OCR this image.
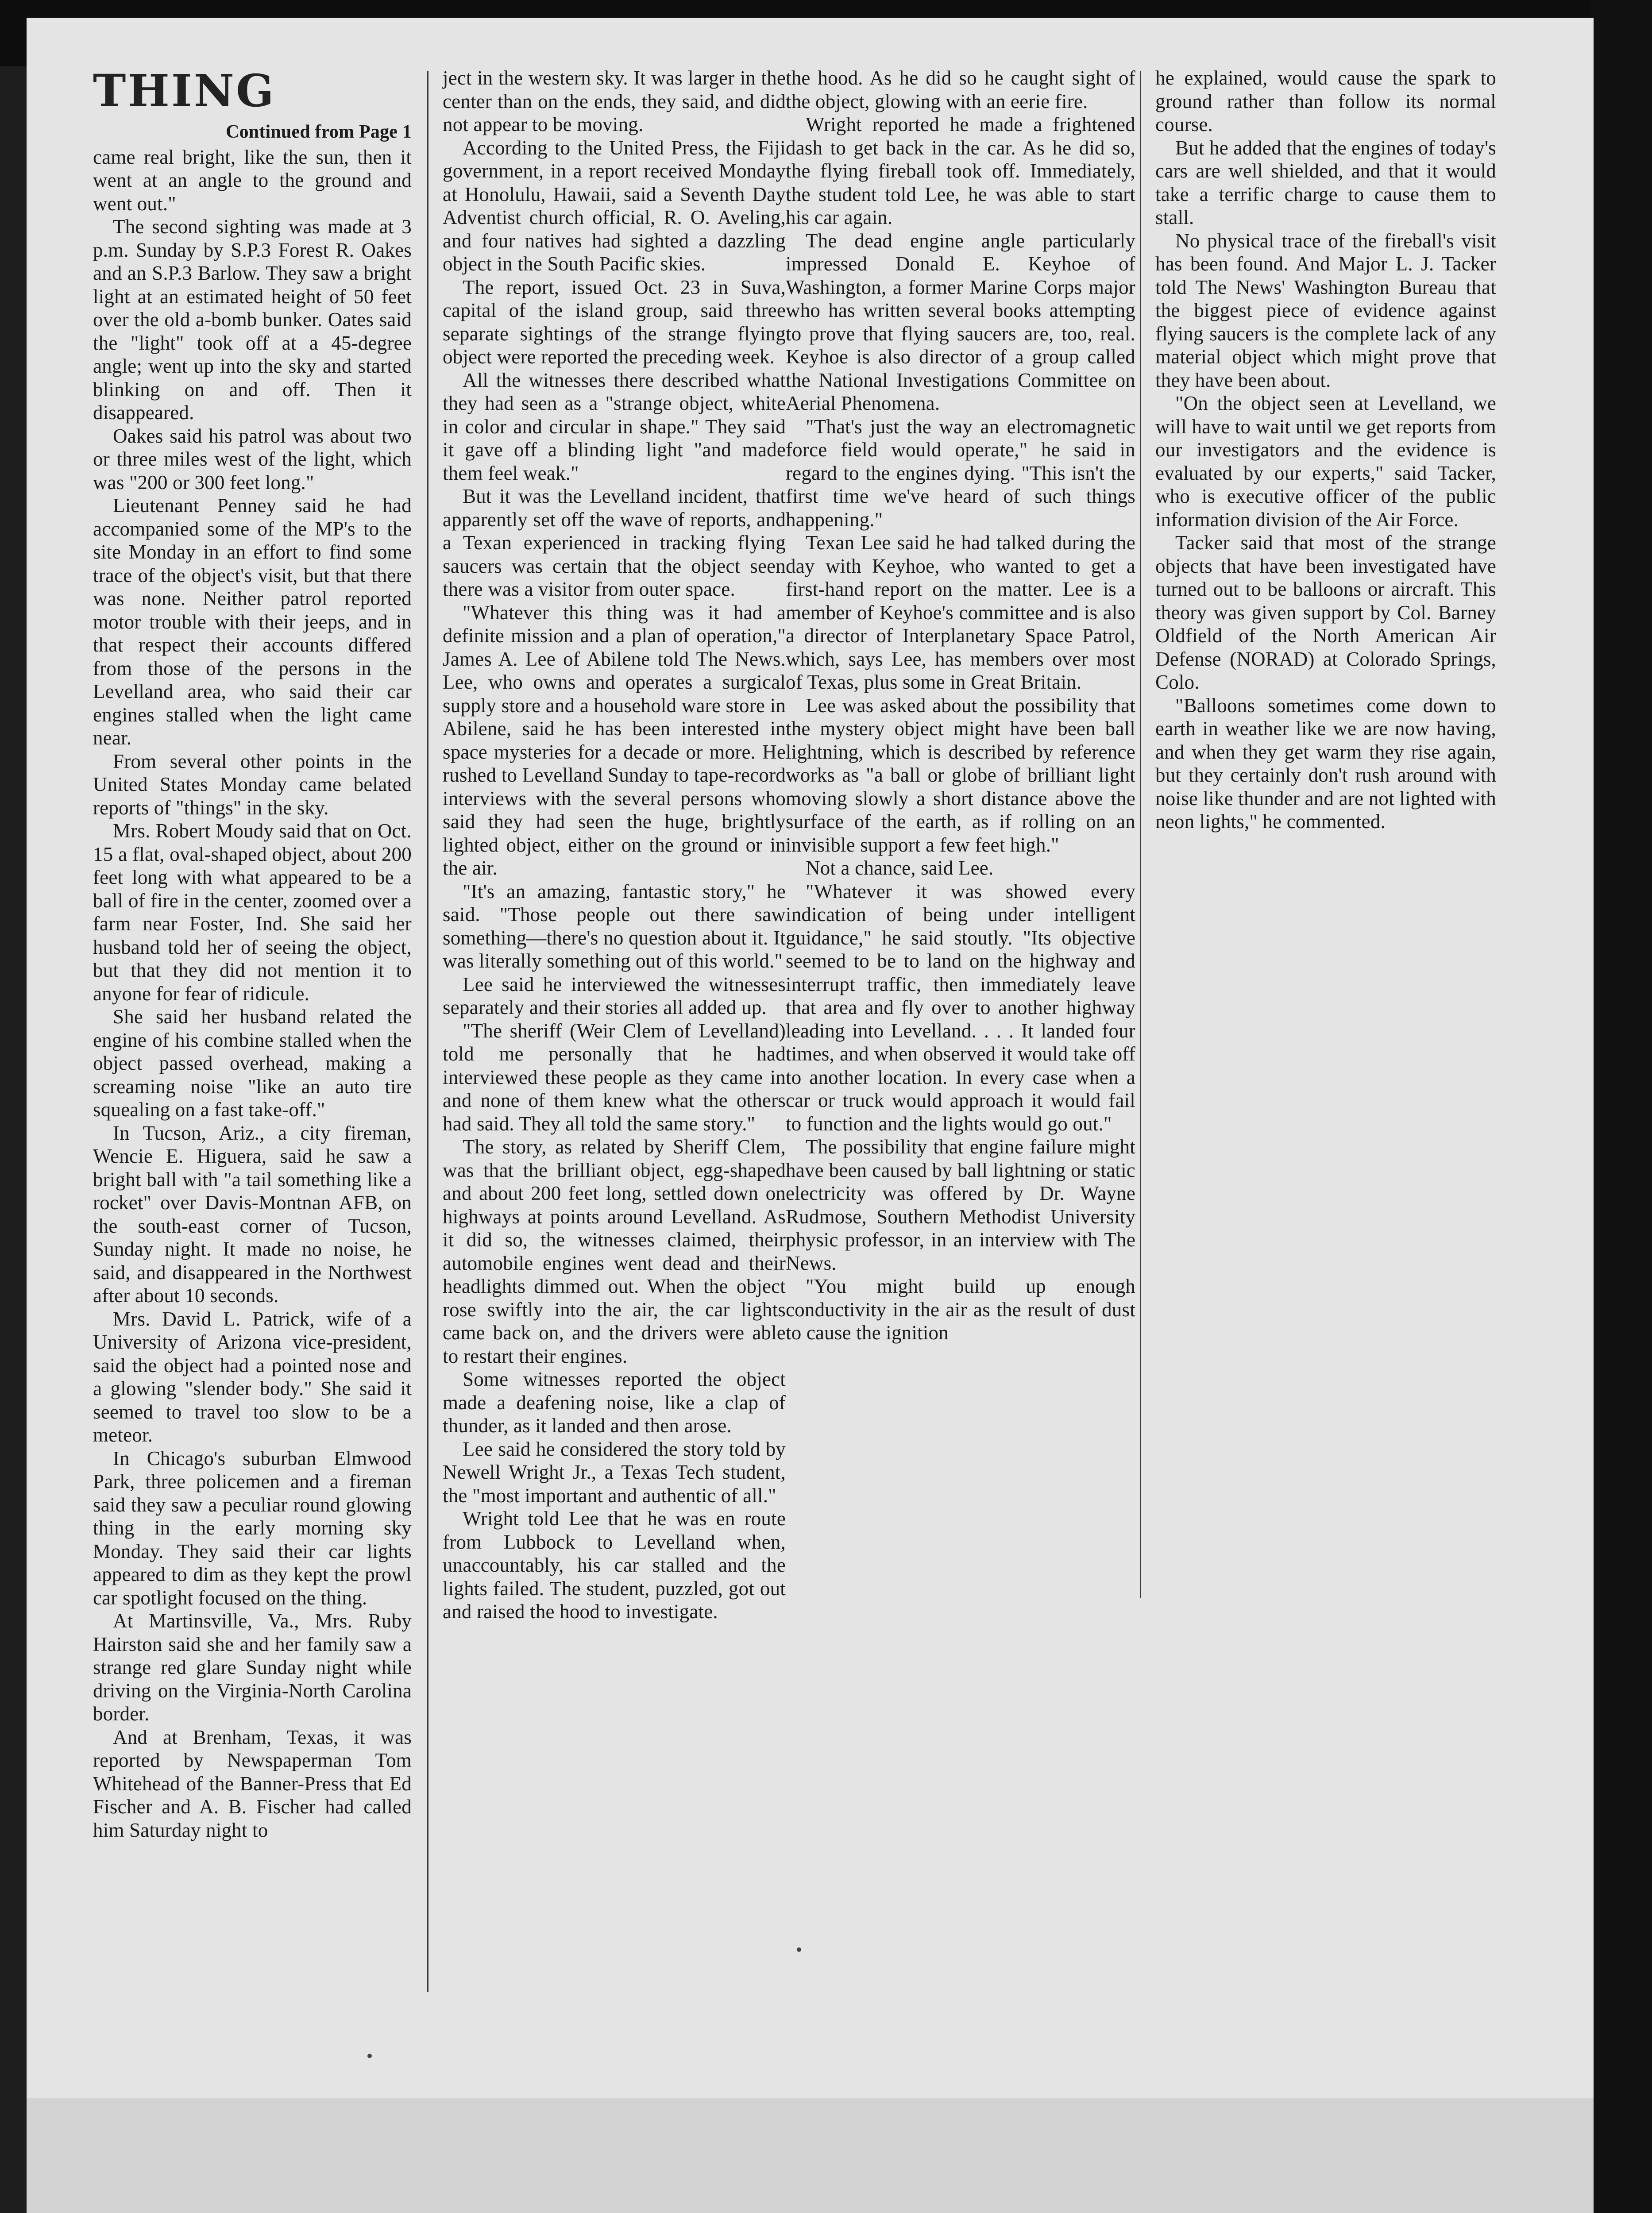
THING
Continued from Page 1

came real bright, like the sun, then it went at an angle to the ground and went out."

The second sighting was made at 3 p.m. Sunday by S.P.3 Forest R. Oakes and an S.P.3 Barlow. They saw a bright light at an estimated height of 50 feet over the old a-bomb bunker. Oates said the "light" took off at a 45-degree angle; went up into the sky and started blinking on and off. Then it disappeared.

Oakes said his patrol was about two or three miles west of the light, which was "200 or 300 feet long."

Lieutenant Penney said he had accompanied some of the MP's to the site Monday in an effort to find some trace of the object's visit, but that there was none. Neither patrol reported motor trouble with their jeeps, and in that respect their accounts differed from those of the persons in the Levelland area, who said their car engines stalled when the light came near.

From several other points in the United States Monday came belated reports of "things" in the sky.

Mrs. Robert Moudy said that on Oct. 15 a flat, oval-shaped object, about 200 feet long with what appeared to be a ball of fire in the center, zoomed over a farm near Foster, Ind. She said her husband told her of seeing the object, but that they did not mention it to anyone for fear of ridicule.

She said her husband related the engine of his combine stalled when the object passed overhead, making a screaming noise "like an auto tire squealing on a fast take-off."

In Tucson, Ariz., a city fireman, Wencie E. Higuera, said he saw a bright ball with "a tail something like a rocket" over Davis-Montnan AFB, on the south-east corner of Tucson, Sunday night. It made no noise, he said, and disappeared in the Northwest after about 10 seconds.

Mrs. David L. Patrick, wife of a University of Arizona vice-president, said the object had a pointed nose and a glowing "slender body." She said it seemed to travel too slow to be a meteor.

In Chicago's suburban Elmwood Park, three policemen and a fireman said they saw a peculiar round glowing thing in the early morning sky Monday. They said their car lights appeared to dim as they kept the prowl car spotlight focused on the thing.

At Martinsville, Va., Mrs. Ruby Hairston said she and her family saw a strange red glare Sunday night while driving on the Virginia-North Carolina border.

And at Brenham, Texas, it was reported by Newspaperman Tom Whitehead of the Banner-Press that Ed Fischer and A. B. Fischer had called him Saturday night to

ject in the western sky. It was larger in the center than on the ends, they said, and did not appear to be moving.

According to the United Press, the Fiji government, in a report received Monday at Honolulu, Hawaii, said a Seventh Day Adventist church official, R. O. Aveling, and four natives had sighted a dazzling object in the South Pacific skies.

The report, issued Oct. 23 in Suva, capital of the island group, said three separate sightings of the strange flying object were reported the preceding week.

All the witnesses there described what they had seen as a "strange object, white in color and circular in shape." They said it gave off a blinding light "and made them feel weak."

But it was the Levelland incident, that apparently set off the wave of reports, and a Texan experienced in tracking flying saucers was certain that the object seen there was a visitor from outer space.

"Whatever this thing was it had a definite mission and a plan of operation," James A. Lee of Abilene told The News. Lee, who owns and operates a surgical supply store and a household ware store in Abilene, said he has been interested in space mysteries for a decade or more. He rushed to Levelland Sunday to tape-record interviews with the several persons who said they had seen the huge, brightly lighted object, either on the ground or in the air.

"It's an amazing, fantastic story," he said. "Those people out there saw something—there's no question about it. It was literally something out of this world."

Lee said he interviewed the witnesses separately and their stories all added up.

"The sheriff (Weir Clem of Levelland) told me personally that he had interviewed these people as they came in and none of them knew what the others had said. They all told the same story."

The story, as related by Sheriff Clem, was that the brilliant object, egg-shaped and about 200 feet long, settled down on highways at points around Levelland. As it did so, the witnesses claimed, their automobile engines went dead and their headlights dimmed out. When the object rose swiftly into the air, the car lights came back on, and the drivers were able to restart their engines.

Some witnesses reported the object made a deafening noise, like a clap of thunder, as it landed and then arose.

Lee said he considered the story told by Newell Wright Jr., a Texas Tech student, the "most important and authentic of all."

Wright told Lee that he was en route from Lubbock to Levelland when, unaccountably, his car stalled and the lights failed. The student, puzzled, got out and raised the hood to investigate.

the hood. As he did so he caught sight of the object, glowing with an eerie fire.

Wright reported he made a frightened dash to get back in the car. As he did so, the flying fireball took off. Immediately, the student told Lee, he was able to start his car again.

The dead engine angle particularly impressed Donald E. Keyhoe of Washington, a former Marine Corps major who has written several books attempting to prove that flying saucers are, too, real. Keyhoe is also director of a group called the National Investigations Committee on Aerial Phenomena.

"That's just the way an electromagnetic force field would operate," he said in regard to the engines dying. "This isn't the first time we've heard of such things happening."

Texan Lee said he had talked during the day with Keyhoe, who wanted to get a first-hand report on the matter. Lee is a member of Keyhoe's committee and is also a director of Interplanetary Space Patrol, which, says Lee, has members over most of Texas, plus some in Great Britain.

Lee was asked about the possibility that the mystery object might have been ball lightning, which is described by reference works as "a ball or globe of brilliant light moving slowly a short distance above the surface of the earth, as if rolling on an invisible support a few feet high."

Not a chance, said Lee.

"Whatever it was showed every indication of being under intelligent guidance," he said stoutly. "Its objective seemed to be to land on the highway and interrupt traffic, then immediately leave that area and fly over to another highway leading into Levelland. . . . It landed four times, and when observed it would take off to another location. In every case when a car or truck would approach it would fail to function and the lights would go out."

The possibility that engine failure might have been caused by ball lightning or static electricity was offered by Dr. Wayne Rudmose, Southern Methodist University physic professor, in an interview with The News.

"You might build up enough conductivity in the air as the result of dust to cause the ignition

he explained, would cause the spark to ground rather than follow its normal course.

But he added that the engines of today's cars are well shielded, and that it would take a terrific charge to cause them to stall.

No physical trace of the fireball's visit has been found. And Major L. J. Tacker told The News' Washington Bureau that the biggest piece of evidence against flying saucers is the complete lack of any material object which might prove that they have been about.

"On the object seen at Levelland, we will have to wait until we get reports from our investigators and the evidence is evaluated by our experts," said Tacker, who is executive officer of the public information division of the Air Force.

Tacker said that most of the strange objects that have been investigated have turned out to be balloons or aircraft. This theory was given support by Col. Barney Oldfield of the North American Air Defense (NORAD) at Colorado Springs, Colo.

"Balloons sometimes come down to earth in weather like we are now having, and when they get warm they rise again, but they certainly don't rush around with noise like thunder and are not lighted with neon lights," he commented.
